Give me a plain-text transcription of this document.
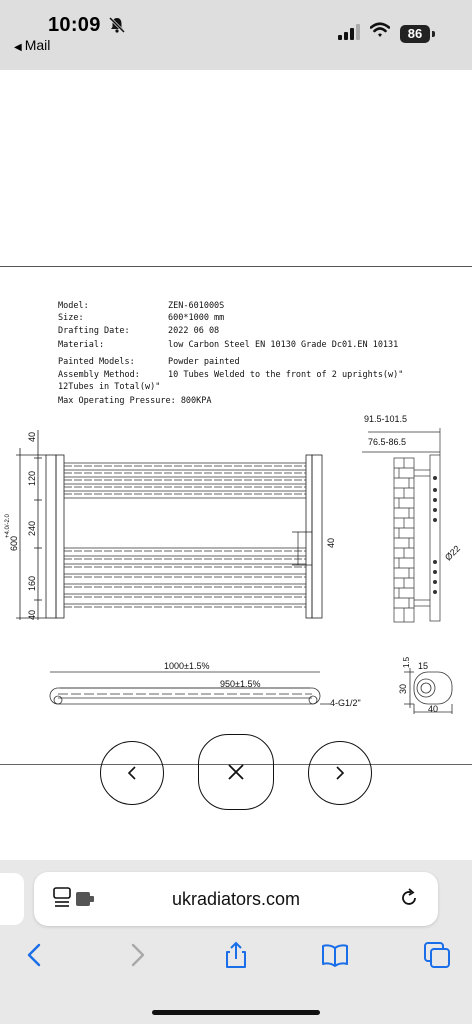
10:09
◀ Mail
86
Model:	ZEN-601000S
Size:	600*1000 mm
Drafting Date:	2022 06 08
Material:	low Carbon Steel EN 10130 Grade Dc01.EN 10131
Painted Models:	Powder painted
Assembly Method:	10 Tubes Welded to the front of 2 uprights(w)"
12Tubes in Total(w)"
Max Operating Pressure: 800KPA
91.5-101.5
76.5-86.5
40
120
240
160
40
600
+4.0/-2.0
40
Ø22
1000±1.5%
950±1.5%
4-G1/2"
15
30
1.5
40
ukradiators.com
